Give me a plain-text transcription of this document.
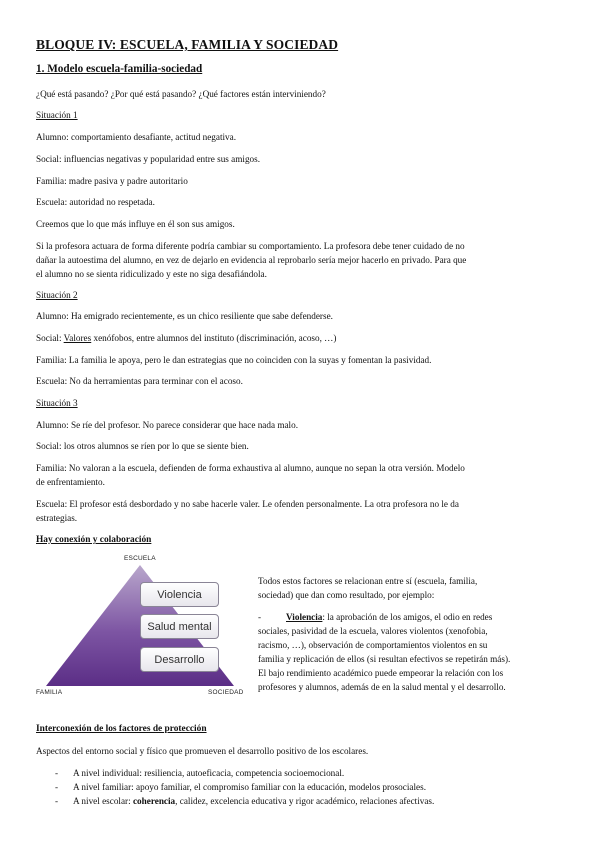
BLOQUE IV: ESCUELA, FAMILIA Y SOCIEDAD
1. Modelo escuela-familia-sociedad
¿Qué está pasando? ¿Por qué está pasando? ¿Qué factores están interviniendo?
Situación 1
Alumno: comportamiento desafiante, actitud negativa.
Social: influencias negativas y popularidad entre sus amigos.
Familia: madre pasiva y padre autoritario
Escuela: autoridad no respetada.
Creemos que lo que más influye en él son sus amigos.
Si la profesora actuara de forma diferente podría cambiar su comportamiento. La profesora debe tener cuidado de no
dañar la autoestima del alumno, en vez de dejarlo en evidencia al reprobarlo sería mejor hacerlo en privado. Para que
el alumno no se sienta ridiculizado y este no siga desafiándola.
Situación 2
Alumno: Ha emigrado recientemente, es un chico resiliente que sabe defenderse.
Social: Valores xenófobos, entre alumnos del instituto (discriminación, acoso, …)
Familia: La familia le apoya, pero le dan estrategias que no coinciden con la suyas y fomentan la pasividad.
Escuela: No da herramientas para terminar con el acoso.
Situación 3
Alumno: Se ríe del profesor. No parece considerar que hace nada malo.
Social: los otros alumnos se ríen por lo que se siente bien.
Familia: No valoran a la escuela, defienden de forma exhaustiva al alumno, aunque no sepan la otra versión. Modelo
de enfrentamiento.
Escuela: El profesor está desbordado y no sabe hacerle valer. Le ofenden personalmente. La otra profesora no le da
estrategias.
Hay conexión y colaboración
ESCUELA
FAMILIA	SOCIEDAD
Violencia
Salud mental
Desarrollo
Todos estos factores se relacionan entre sí (escuela, familia,
sociedad) que dan como resultado, por ejemplo:
-	Violencia: la aprobación de los amigos, el odio en redes
sociales, pasividad de la escuela, valores violentos (xenofobia,
racismo, …), observación de comportamientos violentos en su
familia y replicación de ellos (si resultan efectivos se repetirán más).
El bajo rendimiento académico puede empeorar la relación con los
profesores y alumnos, además de en la salud mental y el desarrollo.
Interconexión de los factores de protección
Aspectos del entorno social y físico que promueven el desarrollo positivo de los escolares.
- A nivel individual: resiliencia, autoeficacia, competencia socioemocional.
- A nivel familiar: apoyo familiar, el compromiso familiar con la educación, modelos prosociales.
- A nivel escolar: coherencia, calidez, excelencia educativa y rigor académico, relaciones afectivas.
